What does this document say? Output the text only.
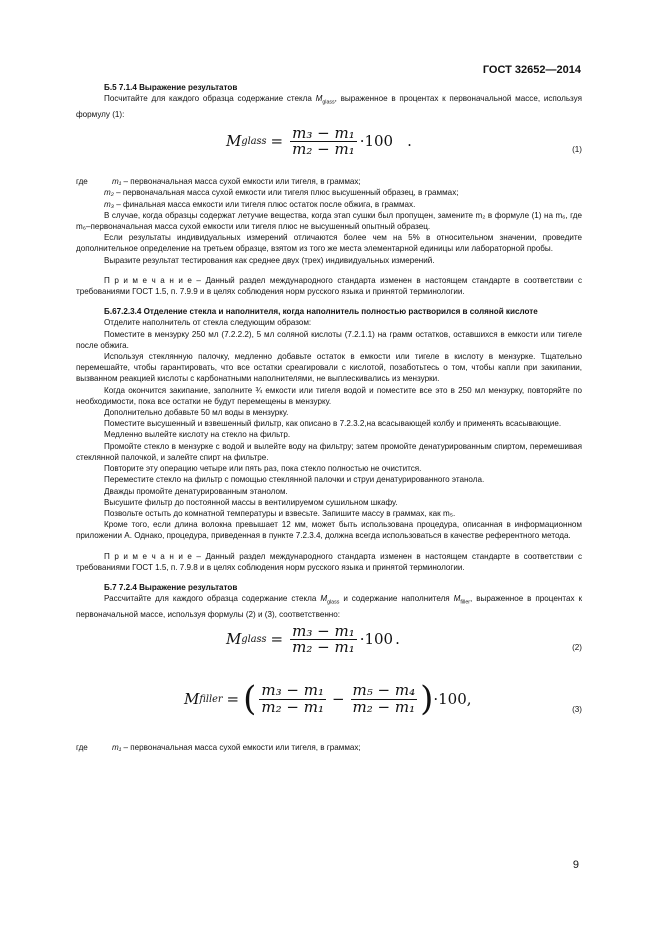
ГОСТ 32652—2014

Б.5 7.1.4 Выражение результатов

Посчитайте для каждого образца содержание стекла $M_{glass}$, выраженное в процентах к первоначальной массе, используя формулу (1):

M glass = $\frac{\text{m₃ − m₁}}{\text{m₂ − m₁}} \cdot 100$ .	(1)
где	m₁ – первоначальная масса сухой емкости или тигеля, в граммах;

m₂ – первоначальная масса сухой емкости или тигеля плюс высушенный образец, в граммах;

m₃ – финальная масса емкости или тигеля плюс остаток после обжига, в граммах.

В случае, когда образцы содержат летучие вещества, когда этап сушки был пропущен, замените m₂ в формуле (1) на m₆, где m₆–первоначальная масса сухой емкости или тигеля плюс не высушенный опытный образец.

Если результаты индивидуальных измерений отличаются более чем на 5% в относительном значении, проведите дополнительное определение на третьем образце, взятом из того же места элементарной единицы или лабораторной пробы.

Выразите результат тестирования как среднее двух (трех) индивидуальных измерений.

П р и м е ч а н и е – Данный раздел международного стандарта изменен в настоящем стандарте в соответствии с требованиями ГОСТ 1.5, п. 7.9.9 и в целях соблюдения норм русского языка и принятой терминологии.

Б.67.2.3.4 Отделение стекла и наполнителя, когда наполнитель полностью растворился в соляной кислоте

Отделите наполнитель от стекла следующим образом:

Поместите в мензурку 250 мл (7.2.2.2), 5 мл соляной кислоты (7.2.1.1) на грамм остатков, оставшихся в емкости или тигеле после обжига.

Используя стеклянную палочку, медленно добавьте остаток в емкости или тигеле в кислоту в мензурке. Тщательно перемешайте, чтобы гарантировать, что все остатки среагировали с кислотой, позаботьтесь о том, чтобы капли при закипании, вызванном реакцией кислоты с карбонатными наполнителями, не выплескивались из мензурки.

Когда окончится закипание, заполните ¾ емкости или тигеля водой и поместите все это в 250 мл мензурку, повторяйте по необходимости, пока все остатки не будут перемещены в мензурку.

Дополнительно добавьте 50 мл воды в мензурку.

Поместите высушенный и взвешенный фильтр, как описано в 7.2.3.2,на всасывающей колбу и применять всасывающие.

Медленно вылейте кислоту на стекло на фильтр.

Промойте стекло в мензурке с водой и вылейте воду на фильтру; затем промойте денатурированным спиртом, перемешивая стеклянной палочкой, и залейте спирт на фильтре.

Повторите эту операцию четыре или пять раз, пока стекло полностью не очистится.

Переместите стекло на фильтр с помощью стеклянной палочки и струи денатурированного этанола.

Дважды промойте денатурированным этанолом.

Высушите фильтр до постоянной массы в вентилируемом сушильном шкафу.

Позвольте остыть до комнатной температуры и взвесьте. Запишите массу в граммах, как m₅.

Кроме того, если длина волокна превышает 12 мм, может быть использована процедура, описанная в информационном приложении А. Однако, процедура, приведенная в пункте 7.2.3.4, должна всегда использоваться в качестве референтного метода.

П р и м е ч а н и е – Данный раздел международного стандарта изменен в настоящем стандарте в соответствии с требованиями ГОСТ 1.5, п. 7.9.8 и в целях соблюдения норм русского языка и принятой терминологии.

Б.7 7.2.4 Выражение результатов

Рассчитайте для каждого образца содержание стекла $M_{glass}$ и содержание наполнителя $M_{filler}$, выраженное в процентах к первоначальной массе, используя формулы (2) и (3), соответственно:

M glass = $\frac{\text{m₃ − m₁}}{\text{m₂ − m₁}} \cdot 100$ .	(2)
M filler = ( $\frac{\text{m₃ − m₁}}{\text{m₂ − m₁}} - \frac{\text{m₅ − m₄}}{\text{m₂ − m₁}}$ ) ·100 ,
(3)
где	m₁ – первоначальная масса сухой емкости или тигеля, в граммах;
9
